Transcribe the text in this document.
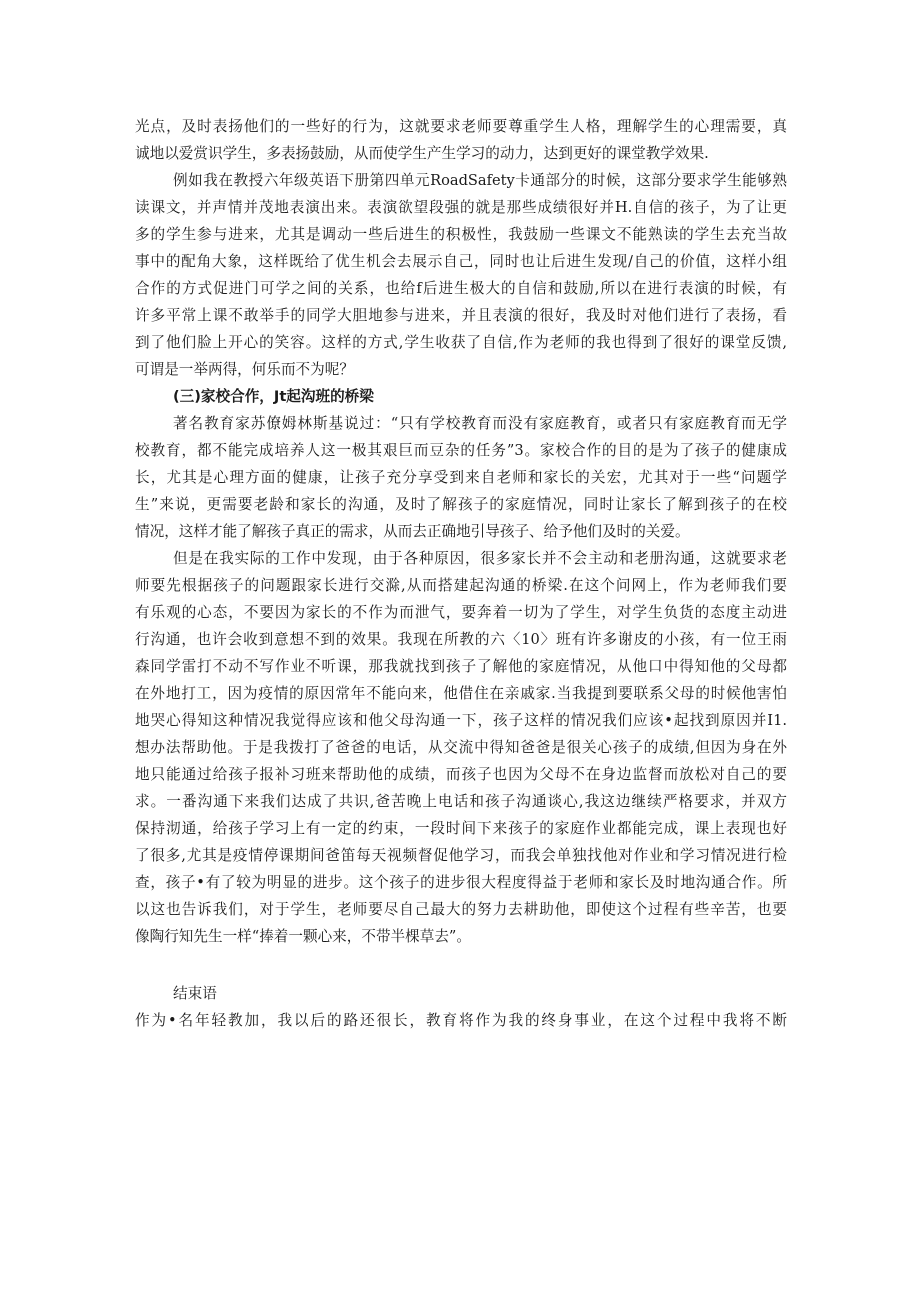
光点，及时表扬他们的一些好的行为，这就要求老师要尊重学生人格，理解学生的心理需要，真
诚地以爱赏识学生，多表扬鼓励，从而使学生产生学习的动力，达到更好的课堂教学效果.
例如我在教授六年级英语下册第四单元RoadSafety卡通部分的时候，这部分要求学生能够熟
读课文，并声情并茂地表演出来。表演欲望段强的就是那些成绩很好并H.自信的孩子，为了让更
多的学生参与进来，尤其是调动一些后进生的积极性，我鼓励一些课文不能熟读的学生去充当故
事中的配角大象，这样既给了优生机会去展示自己，同时也让后进生发现/自己的价值，这样小组
合作的方式促进门可学之间的关系，也给f后进生极大的自信和鼓励,所以在进行表演的时候，有
许多平常上课不敢举手的同学大胆地参与进来，并且表演的很好，我及时对他们进行了表扬，看
到了他们脸上开心的笑容。这样的方式,学生收获了自信,作为老师的我也得到了很好的课堂反馈,
可谓是一举两得，何乐而不为呢？
(三)家校合作，Jt起沟班的桥梁
著名教育家苏僚姆林斯基说过：“只有学校教育而没有家庭教育，或者只有家庭教育而无学
校教育，都不能完成培养人这一极其艰巨而豆杂的任务”3。家校合作的目的是为了孩子的健康成
长，尤其是心理方面的健康，让孩子充分享受到来自老师和家长的关宏，尤其对于一些“问题学
生”来说，更需要老龄和家长的沟通，及时了解孩子的家庭情况，同时让家长了解到孩子的在校
情况，这样才能了解孩子真正的需求，从而去正确地引导孩子、给予他们及时的关爱。
但是在我实际的工作中发现，由于各种原因，很多家长并不会主动和老册沟通，这就要求老
师要先根据孩子的问题跟家长进行交滁,从而搭建起沟通的桥梁.在这个问网上，作为老师我们要
有乐观的心态，不要因为家长的不作为而泄气，要奔着一切为了学生，对学生负货的态度主动进
行沟通，也许会收到意想不到的效果。我现在所教的六〈10〉班有许多谢皮的小孩，有一位王雨
森同学雷打不动不写作业不听课，那我就找到孩子了解他的家庭情况，从他口中得知他的父母都
在外地打工，因为疫情的原因常年不能向来，他借住在亲戚家.当我提到要联系父母的时候他害怕
地哭心得知这种情况我觉得应该和他父母沟通一下，孩子这样的情况我们应该•起找到原因并I1.
想办法帮助他。于是我拨打了爸爸的电话，从交流中得知爸爸是很关心孩子的成绩,但因为身在外
地只能通过给孩子报补习班来帮助他的成绩，而孩子也因为父母不在身边监督而放松对自己的要
求。一番沟通下来我们达成了共识,爸苦晚上电话和孩子沟通谈心,我这边继续严格要求，并双方
保持沏通，给孩子学习上有一定的约束，一段时间下来孩子的家庭作业都能完成，课上表现也好
了很多,尤其是疫情停课期间爸笛每天视频督促他学习，而我会单独找他对作业和学习情况进行检
查，孩子•有了较为明显的进步。这个孩子的进步很大程度得益于老师和家长及时地沟通合作。所
以这也告诉我们，对于学生，老师要尽自己最大的努力去耕助他，即使这个过程有些辛苦，也要
像陶行知先生一样“捧着一颗心来，不带半棵草去”。
结束语
作为•名年轻教加，我以后的路还很长，教育将作为我的终身事业，在这个过程中我将不断
